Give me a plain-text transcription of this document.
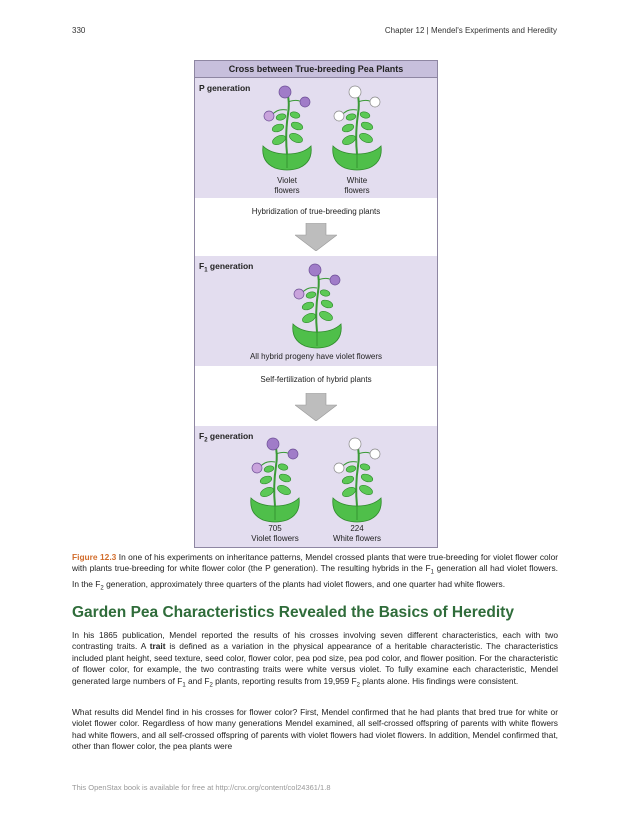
330	Chapter 12 | Mendel's Experiments and Heredity
Cross between True-breeding Pea Plants
P generation
Violet
flowers
White
flowers
Hybridization of true-breeding plants
$F_1$ generation
All hybrid progeny have violet flowers
Self-fertilization of hybrid plants
$F_2$ generation
705
Violet flowers
224
White flowers
Figure 12.3 In one of his experiments on inheritance patterns, Mendel crossed plants that were true-breeding for violet flower color with plants true-breeding for white flower color (the P generation). The resulting hybrids in the $F_1$ generation all had violet flowers. In the $F_2$ generation, approximately three quarters of the plants had violet flowers, and one quarter had white flowers.
Garden Pea Characteristics Revealed the Basics of Heredity
In his 1865 publication, Mendel reported the results of his crosses involving seven different characteristics, each with two contrasting traits. A trait is defined as a variation in the physical appearance of a heritable characteristic. The characteristics included plant height, seed texture, seed color, flower color, pea pod size, pea pod color, and flower position. For the characteristic of flower color, for example, the two contrasting traits were white versus violet. To fully examine each characteristic, Mendel generated large numbers of $F_1$ and $F_2$ plants, reporting results from 19,959 $F_2$ plants alone. His findings were consistent.
What results did Mendel find in his crosses for flower color? First, Mendel confirmed that he had plants that bred true for white or violet flower color. Regardless of how many generations Mendel examined, all self-crossed offspring of parents with white flowers had white flowers, and all self-crossed offspring of parents with violet flowers had violet flowers. In addition, Mendel confirmed that, other than flower color, the pea plants were
This OpenStax book is available for free at http://cnx.org/content/col24361/1.8
